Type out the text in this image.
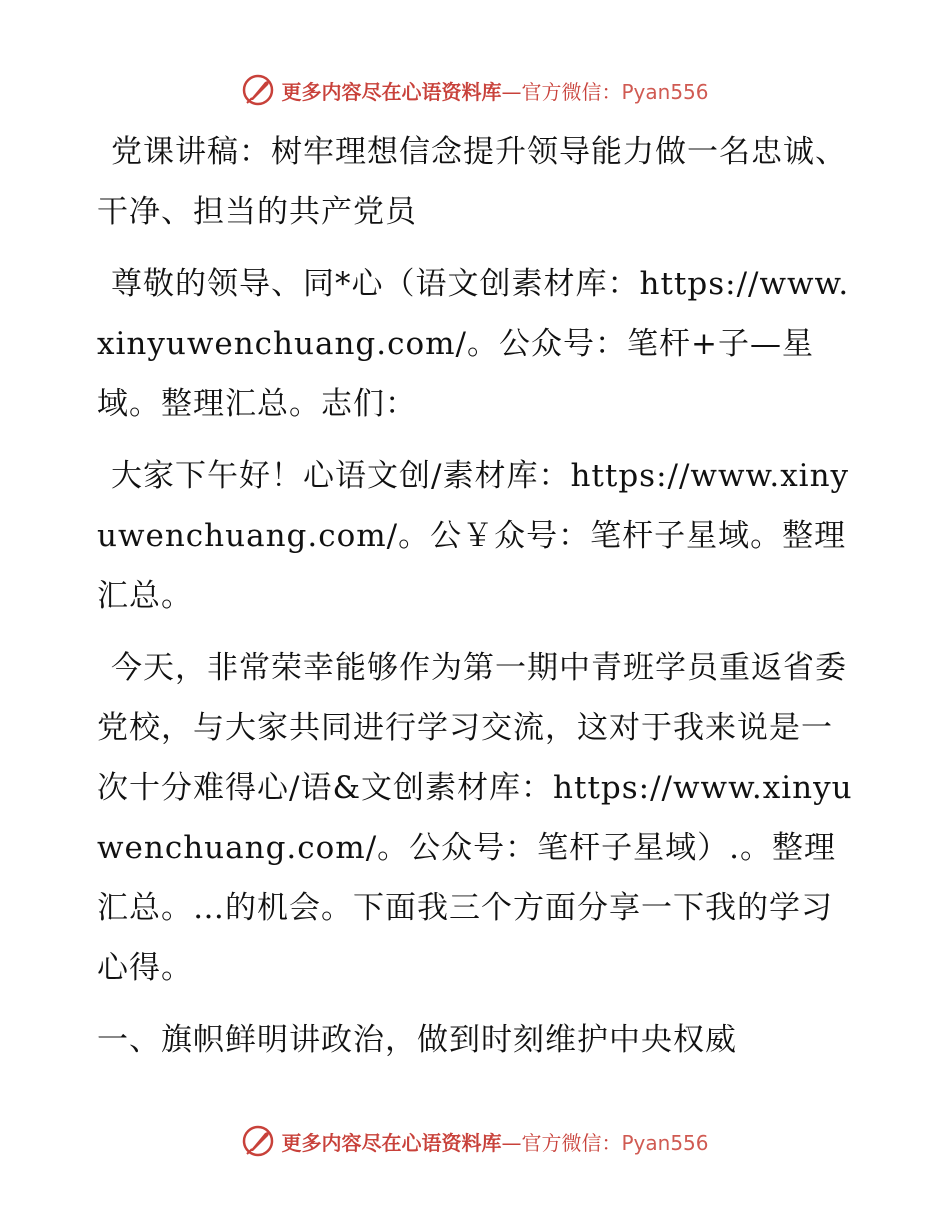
更多内容尽在心语资料库—官方微信：Pyan556
党课讲稿：树牢理想信念提升领导能力做一名忠诚、干净、担当的共产党员
尊敬的领导、同*心（语文创素材库：https://www.xinyuwenchuang.com/。公众号：笔杆+子—星域。整理汇总。志们：
大家下午好！心语文创/素材库：https://www.xinyuwenchuang.com/。公￥众号：笔杆子星域。整理汇总。
今天，非常荣幸能够作为第一期中青班学员重返省委党校，与大家共同进行学习交流，这对于我来说是一次十分难得心/语&文创素材库：https://www.xinyuwenchuang.com/。公众号：笔杆子星域）.。整理汇总。…的机会。下面我三个方面分享一下我的学习心得。
一、旗帜鲜明讲政治，做到时刻维护中央权威
更多内容尽在心语资料库—官方微信：Pyan556
